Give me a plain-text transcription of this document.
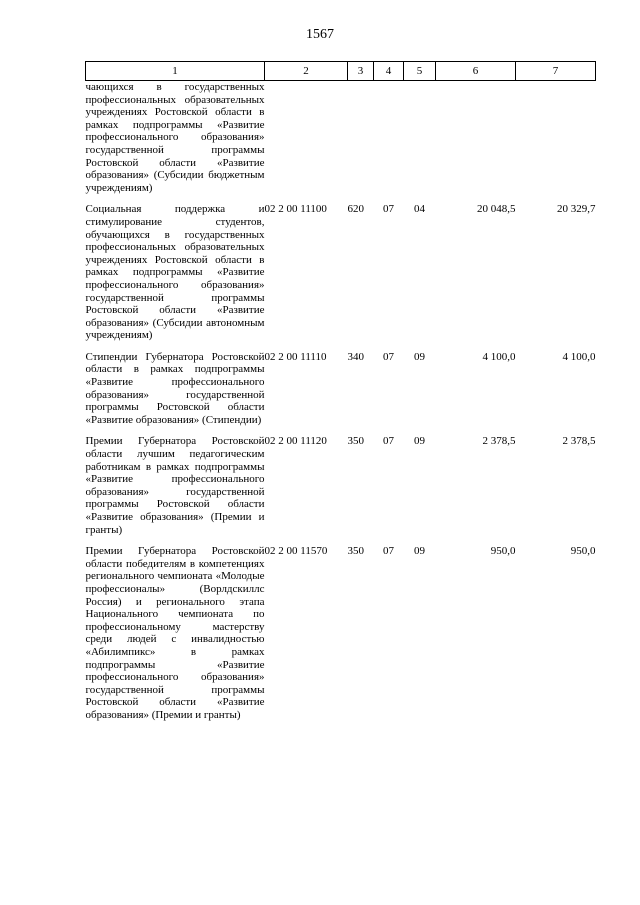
1567
1	2	3	4	5	6	7
чающихся в государственных профессиональных образовательных учреждениях Ростовской области в рамках подпрограммы «Развитие профессионального образования» государственной программы Ростовской области «Развитие образования» (Субсидии бюджетным учреждениям)						
Социальная поддержка и стимулирование студентов, обучающихся в государственных профессиональных образовательных учреждениях Ростовской области в рамках подпрограммы «Развитие профессионального образования» государственной программы Ростовской области «Развитие образования» (Субсидии автономным учреждениям)	02 2 00 11100	620	07	04	20 048,5	20 329,7
Стипендии Губернатора Ростовской области в рамках подпрограммы «Развитие профессионального образования» государственной программы Ростовской области «Развитие образования» (Стипендии)	02 2 00 11110	340	07	09	4 100,0	4 100,0
Премии Губернатора Ростовской области лучшим педагогическим работникам в рамках подпрограммы «Развитие профессионального образования» государственной программы Ростовской области «Развитие образования» (Премии и гранты)	02 2 00 11120	350	07	09	2 378,5	2 378,5
Премии Губернатора Ростовской области победителям в компетенциях регионального чемпионата «Молодые профессионалы» (Ворлдскиллс Россия) и регионального этапа Национального чемпионата по профессиональному мастерству среди людей с инвалидностью «Абилимпикс» в рамках подпрограммы «Развитие профессионального образования» государственной программы Ростовской области «Развитие образования» (Премии и гранты)	02 2 00 11570	350	07	09	950,0	950,0
